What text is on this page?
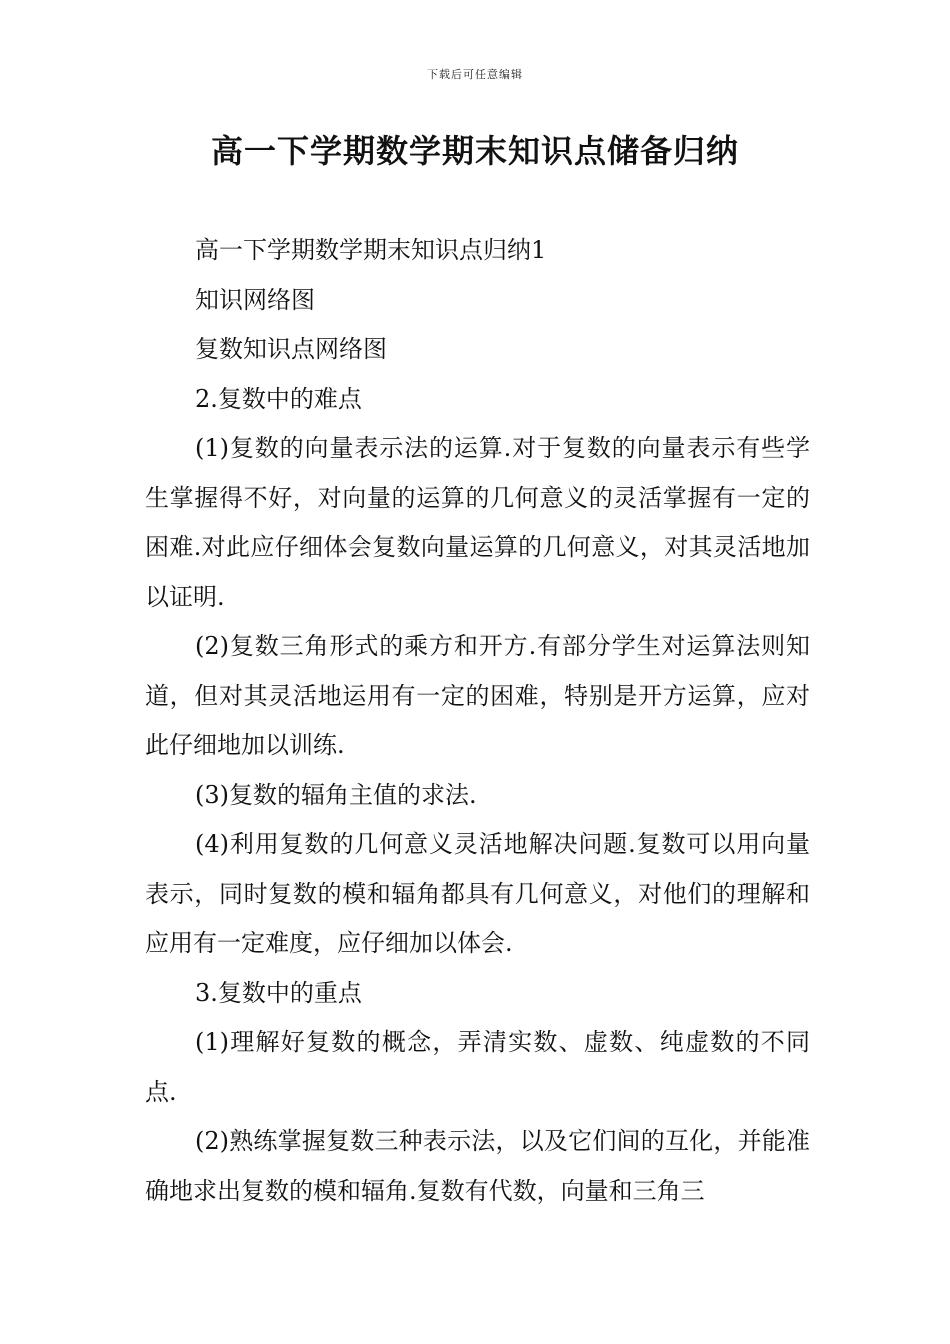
下载后可任意编辑
高一下学期数学期末知识点储备归纳

高一下学期数学期末知识点归纳1

知识网络图

复数知识点网络图

2.复数中的难点

(1)复数的向量表示法的运算.对于复数的向量表示有些学生掌握得不好，对向量的运算的几何意义的灵活掌握有一定的困难.对此应仔细体会复数向量运算的几何意义，对其灵活地加以证明.

(2)复数三角形式的乘方和开方.有部分学生对运算法则知道，但对其灵活地运用有一定的困难，特别是开方运算，应对此仔细地加以训练.

(3)复数的辐角主值的求法.

(4)利用复数的几何意义灵活地解决问题.复数可以用向量表示，同时复数的模和辐角都具有几何意义，对他们的理解和应用有一定难度，应仔细加以体会.

3.复数中的重点

(1)理解好复数的概念，弄清实数、虚数、纯虚数的不同点.

(2)熟练掌握复数三种表示法，以及它们间的互化，并能准确地求出复数的模和辐角.复数有代数，向量和三角三
